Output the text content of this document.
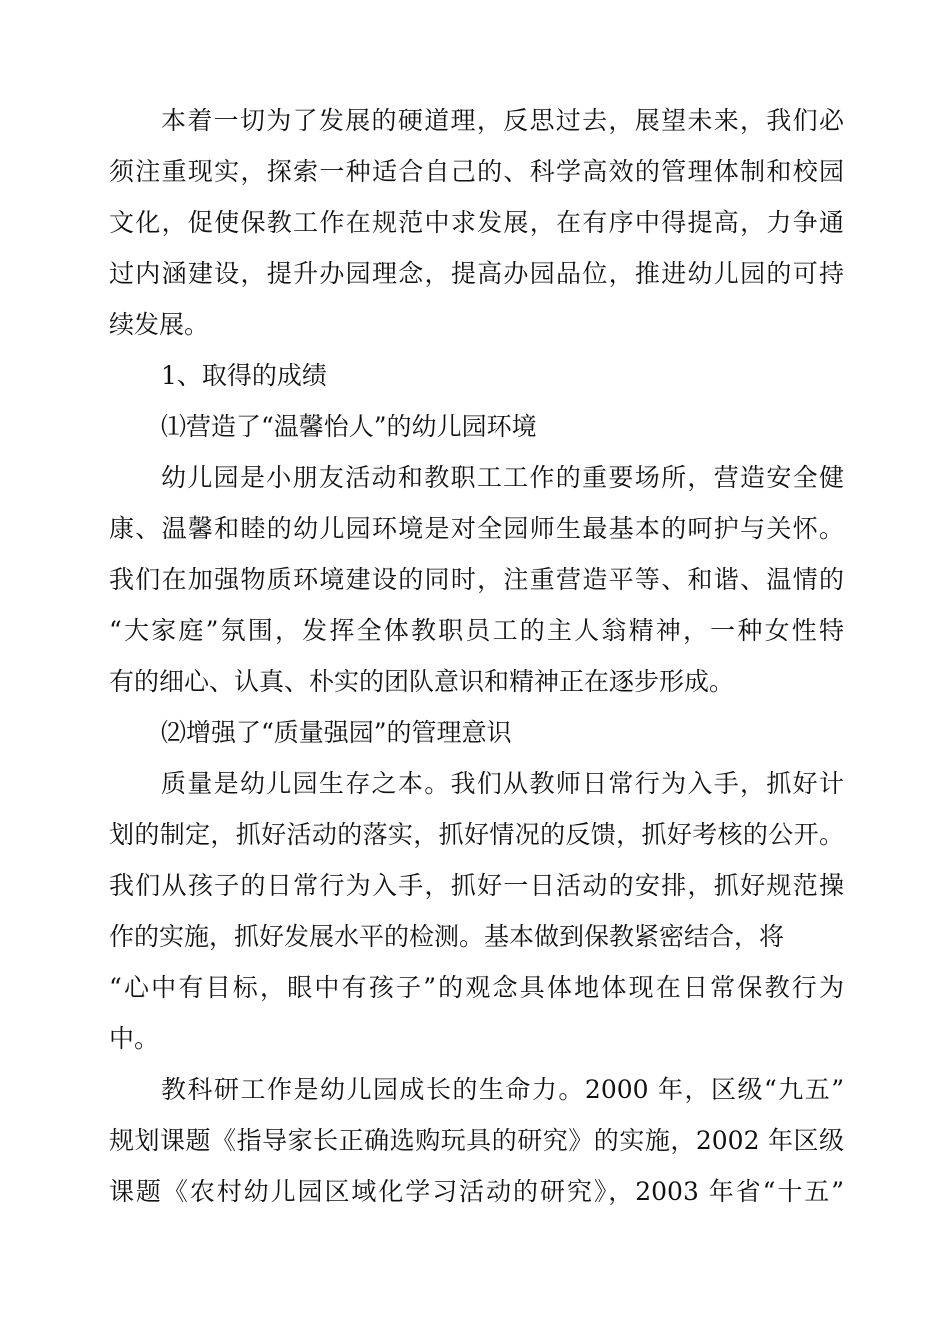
本着一切为了发展的硬道理，反思过去，展望未来，我们必
须注重现实，探索一种适合自己的、科学高效的管理体制和校园
文化，促使保教工作在规范中求发展，在有序中得提高，力争通
过内涵建设，提升办园理念，提高办园品位，推进幼儿园的可持
续发展。
1、取得的成绩
⑴营造了“温馨怡人”的幼儿园环境
幼儿园是小朋友活动和教职工工作的重要场所，营造安全健
康、温馨和睦的幼儿园环境是对全园师生最基本的呵护与关怀。
我们在加强物质环境建设的同时，注重营造平等、和谐、温情的
“大家庭”氛围，发挥全体教职员工的主人翁精神，一种女性特
有的细心、认真、朴实的团队意识和精神正在逐步形成。
⑵增强了“质量强园”的管理意识
质量是幼儿园生存之本。我们从教师日常行为入手，抓好计
划的制定，抓好活动的落实，抓好情况的反馈，抓好考核的公开。
我们从孩子的日常行为入手，抓好一日活动的安排，抓好规范操
作的实施，抓好发展水平的检测。基本做到保教紧密结合，将
“心中有目标，眼中有孩子”的观念具体地体现在日常保教行为
中。
教科研工作是幼儿园成长的生命力。2000 年，区级“九五”
规划课题《指导家长正确选购玩具的研究》的实施，2002 年区级
课题《农村幼儿园区域化学习活动的研究》，2003 年省“十五”
